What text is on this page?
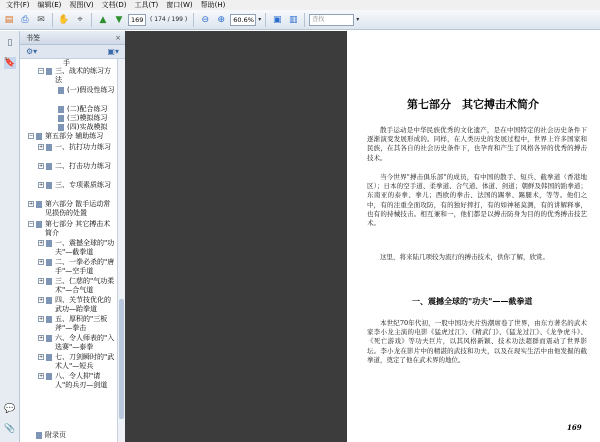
文件(F)	编辑(E)	视图(V)	文档(D)	工具(T)	窗口(W)	帮助(H)
▤ ⎙ ✉	✋ ⌖	▲	▼	169	( 174 / 199 )	⊖ ⊕	60.6% ▾	▣ ▥	查找	▾
▯
🔖
💬
📎
书签	×
⚙▾	▣▾
手
− 三、战术的练习方法
(一)假设性练习
(二)配合练习
(三)模拟练习
(四)实战模拟
− 第五部分 辅助练习
+ 一、抗打功力练习
+ 二、打击功力练习
+ 三、专项素质练习
+ 第六部分 散手运动常见损伤的处置
− 第七部分 其它搏击术简介
+ 一、震撼全球的"功夫"—截拳道
+ 二、一拳必杀的"唐手"—空手道
+ 三、仁慈的"气功柔术"—合气道
+ 四、关节技优化的武功—跆拳道
+ 五、厚积的"三板斧"—拳击
+ 六、令人师表的"入选赛"—泰拳
+ 七、刀剑瞬时的"武术人"—短兵
+ 八、令人抑"请人"的兵刃—剑道
附录页
第七部分　其它搏击术简介
散手运动是中华民族优秀的文化遗产，是在中国特定的社会历史条件下逐渐演变发展形成的。同样，在人类历史的发展过程中，世界上许多国家和民族，在其各自的社会历史条件下，也孕育和产生了风格各异的优秀的搏击技术。
当今世界"搏击俱乐部"的成员，有中国的散手、短兵、截拳道（香港地区）；日本的空手道、柔拳道、合气道、体道、剑道；朝鲜及韩国的跆拳道；东南亚的泰拳、拳儿；西欧的拳击、法国的踢拳、踢腿术，等等。他们之中，有的注重全面攻防，有的独好摔打，有的如神秘莫测，有的讲解释事，也有的持械技击。相互兼和一，他们都是以搏击防身为目的的优秀搏击技艺术。
这里，将来陆几项较为流行的搏击技术，供你了解，欣赏。
一、震撼全球的"功夫"——截拳道
本世纪70年代初，一股中国功夫片热潮席卷了世界，由东方著名的武术家李小龙主演的电影《猛虎过江》、《精武门》、《猛龙过江》、《龙争虎斗》、《死亡游戏》等功夫巨片，以其风格新颖、技术功法超群而震动了世界影坛。李小龙在影片中的精湛的武技和功夫，以及在现实生活中由他发掘的截拳道，奠定了他在武术界的地位。
169
